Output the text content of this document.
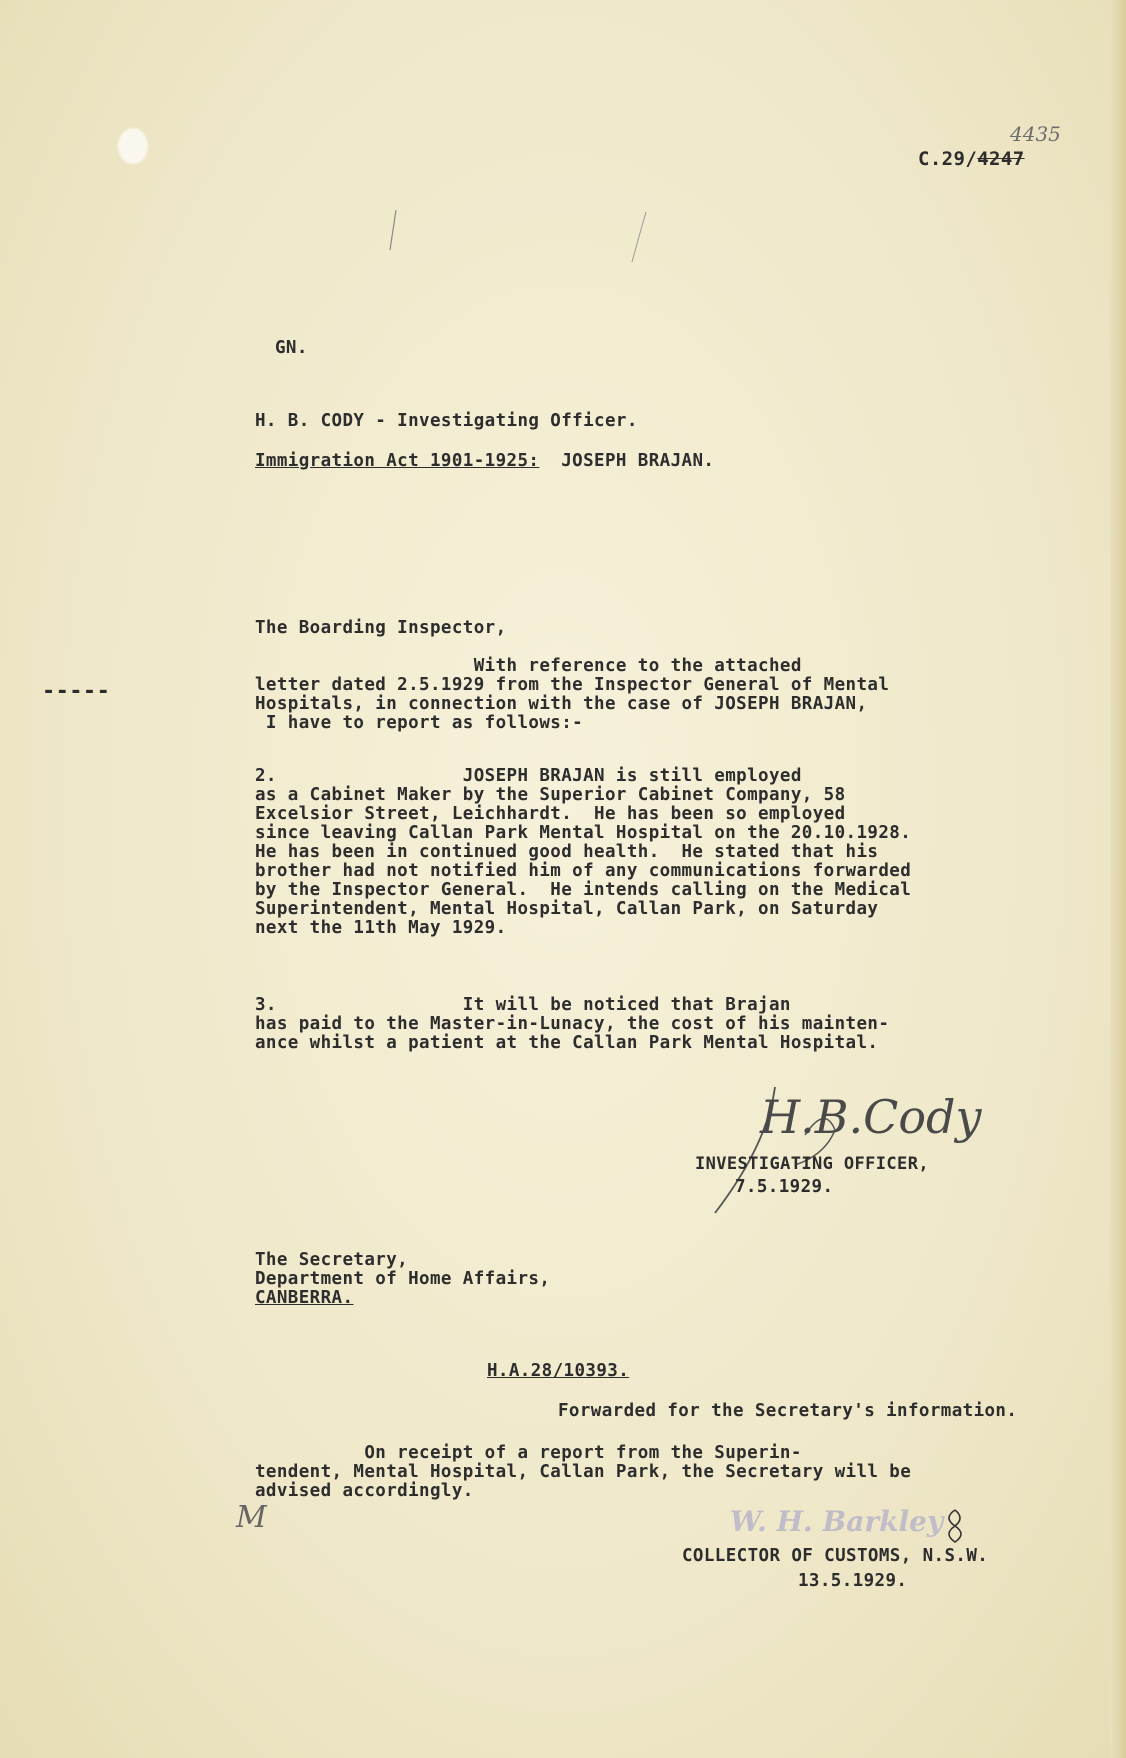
4435
C.29/4247
GN.
H. B. CODY - Investigating Officer.
Immigration Act 1901-1925: JOSEPH BRAJAN.
-----
The Boarding Inspector,
With reference to the attached
letter dated 2.5.1929 from the Inspector General of Mental
Hospitals, in connection with the case of JOSEPH BRAJAN,
I have to report as follows:-
2.                 JOSEPH BRAJAN is still employed
as a Cabinet Maker by the Superior Cabinet Company, 58
Excelsior Street, Leichhardt.  He has been so employed
since leaving Callan Park Mental Hospital on the 20.10.1928.
He has been in continued good health.  He stated that his
brother had not notified him of any communications forwarded
by the Inspector General.  He intends calling on the Medical
Superintendent, Mental Hospital, Callan Park, on Saturday
next the 11th May 1929.
3.                 It will be noticed that Brajan
has paid to the Master-in-Lunacy, the cost of his mainten-
ance whilst a patient at the Callan Park Mental Hospital.
H.B.Cody
INVESTIGATING OFFICER,
7.5.1929.
The Secretary,
Department of Home Affairs,
CANBERRA.
H.A.28/10393.
Forwarded for the Secretary's information.
On receipt of a report from the Superin-
tendent, Mental Hospital, Callan Park, the Secretary will be
advised accordingly.
M	W. H. Barkley
COLLECTOR OF CUSTOMS, N.S.W.
13.5.1929.
